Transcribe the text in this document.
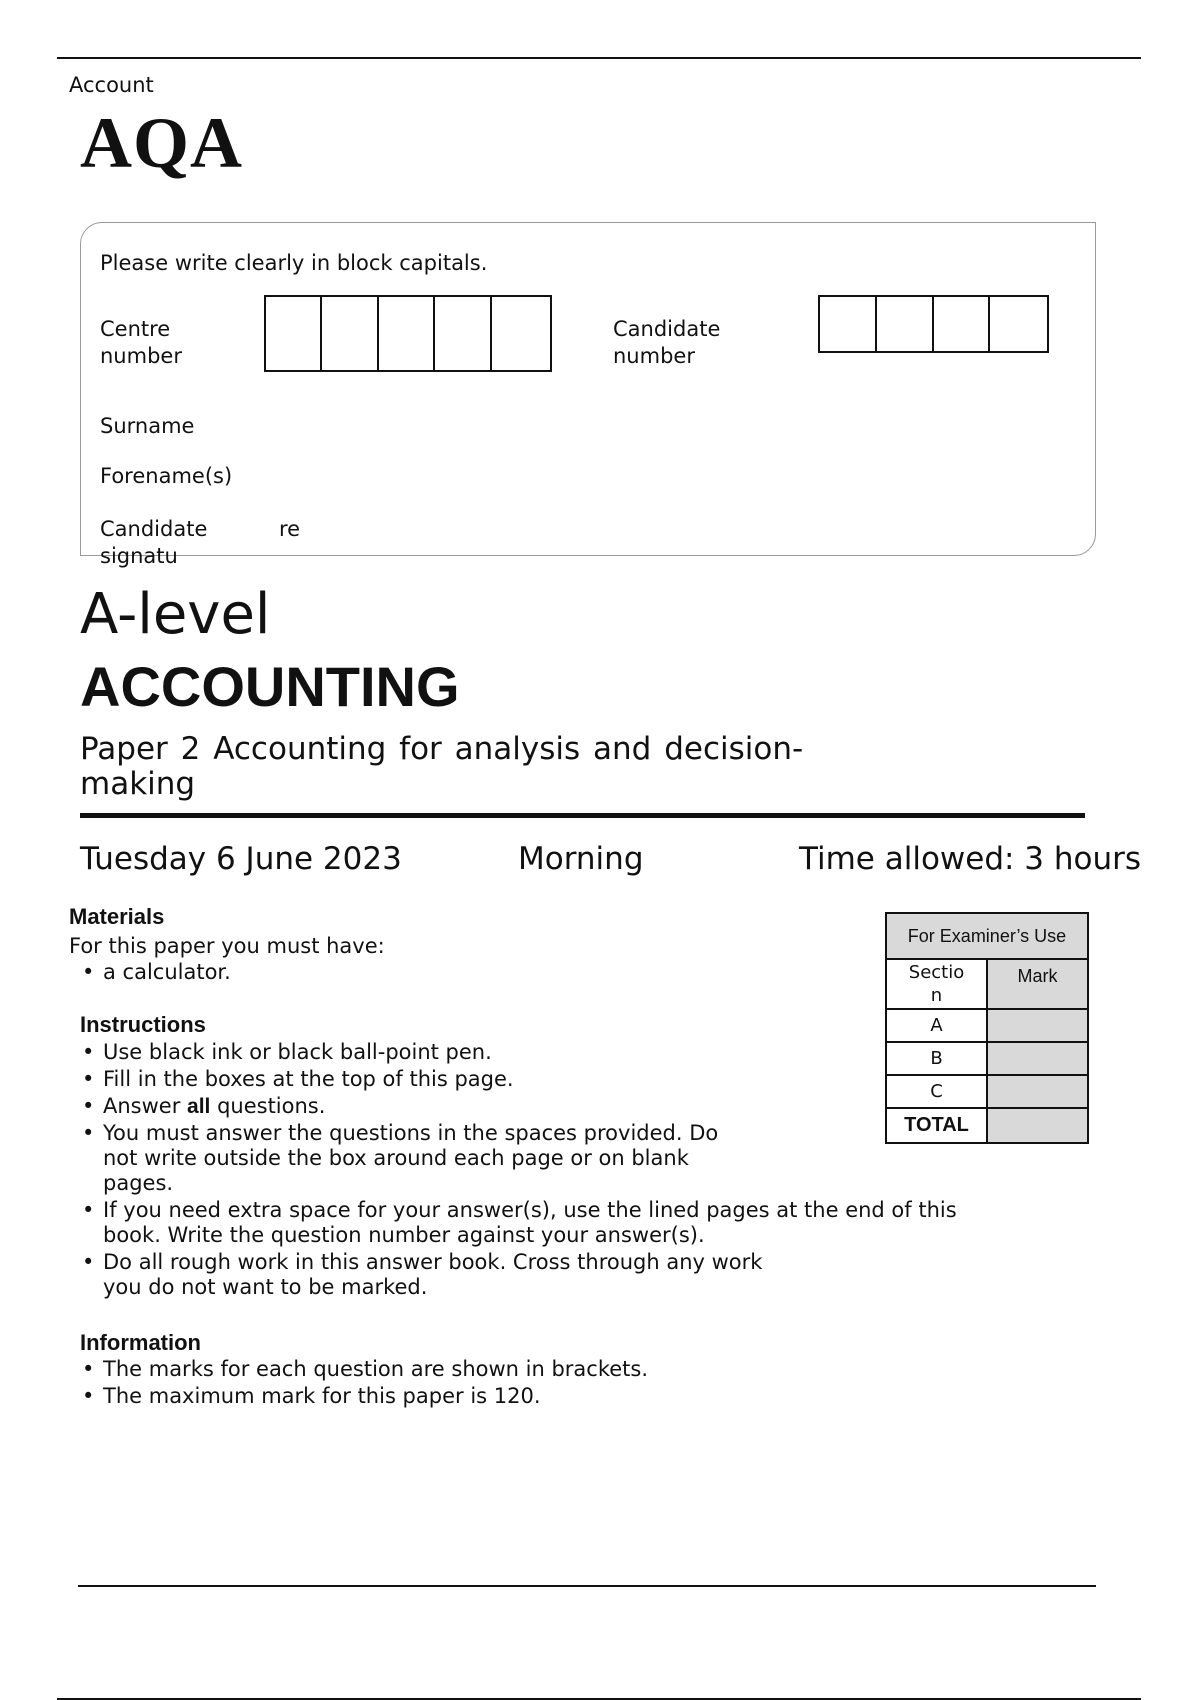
Account
AQA
Please write clearly in block capitals.
Centre
number
Candidate
number
Surname
Forename(s)
Candidate
signatu
re
A-level
ACCOUNTING
Paper 2 Accounting for analysis and decision-making
Tuesday 6 June 2023	Morning	Time allowed: 3 hours
Materials
For this paper you must have:
• a calculator.
Instructions
• Use black ink or black ball-point pen.
• Fill in the boxes at the top of this page.
• Answer all questions.
• You must answer the questions in the spaces provided. Do not write outside the box around each page or on blank pages.
• If you need extra space for your answer(s), use the lined pages at the end of this book. Write the question number against your answer(s).
• Do all rough work in this answer book. Cross through any work you do not want to be marked.
Information
• The marks for each question are shown in brackets.
• The maximum mark for this paper is 120.
For Examiner’s Use	
Sectio
n	Mark
A	
B	
C	
TOTAL	
